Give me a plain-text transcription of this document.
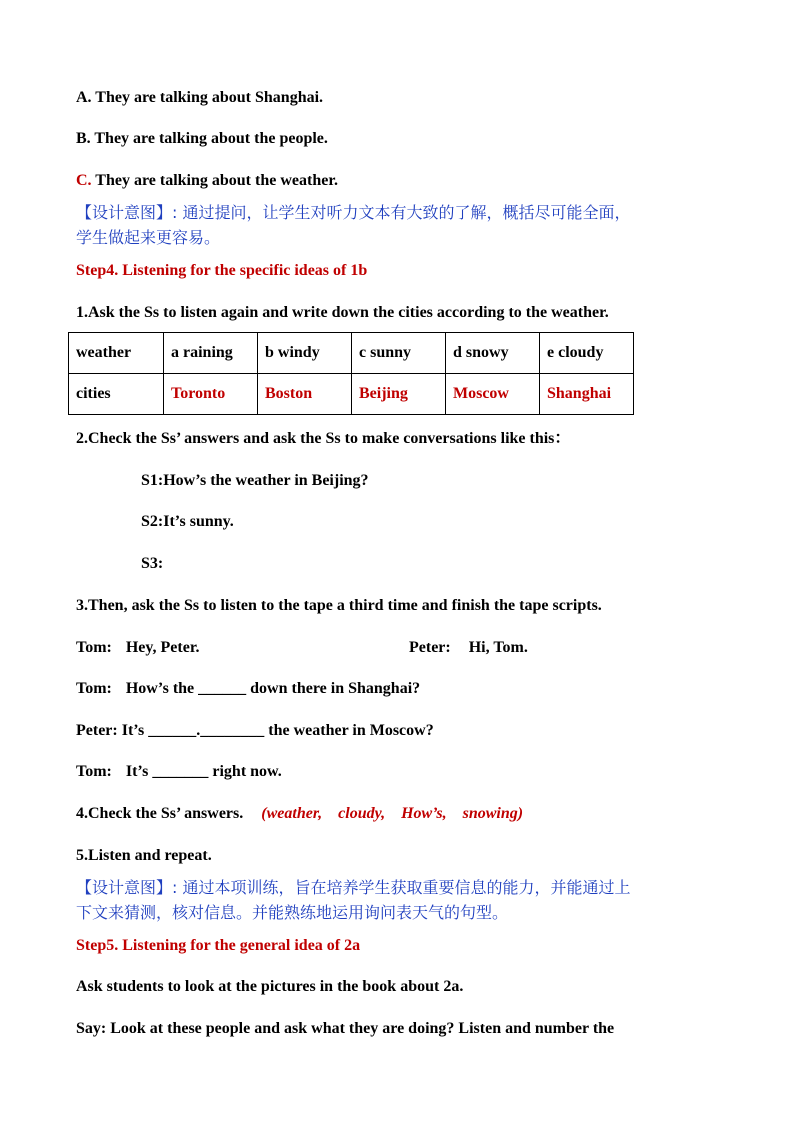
A. They are talking about Shanghai.
B. They are talking about the people.
C. They are talking about the weather.
【设计意图】: 通过提问，让学生对听力文本有大致的了解，概括尽可能全面，
学生做起来更容易。
Step4. Listening for the specific ideas of 1b
1.Ask the Ss to listen again and write down the cities according to the weather.
weather	a raining	b windy	c sunny	d snowy	e cloudy
cities	Toronto	Boston	Beijing	Moscow	Shanghai
2.Check the Ss’ answers and ask the Ss to make conversations like this：
S1:How’s the weather in Beijing?
S2:It’s sunny.
S3:
3.Then, ask the Ss to listen to the tape a third time and finish the tape scripts.
Tom: Hey, Peter.	Peter: Hi, Tom.
Tom: How’s the ______ down there in Shanghai?
Peter: It’s ______.________ the weather in Moscow?
Tom: It’s _______ right now.
4.Check the Ss’ answers. (weather, cloudy, How’s, snowing)
5.Listen and repeat.
【设计意图】: 通过本项训练，旨在培养学生获取重要信息的能力，并能通过上
下文来猜测，核对信息。并能熟练地运用询问表天气的句型。
Step5. Listening for the general idea of 2a
Ask students to look at the pictures in the book about 2a.
Say: Look at these people and ask what they are doing? Listen and number the
